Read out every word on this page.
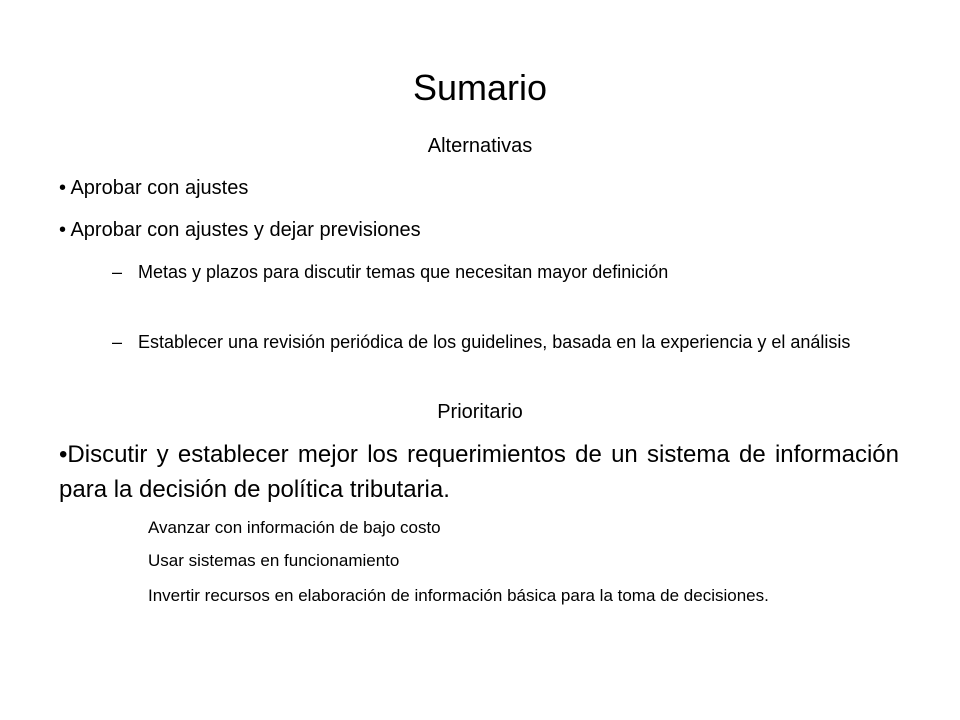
Sumario
Alternativas
• Aprobar con ajustes
• Aprobar con ajustes y dejar previsiones
– Metas y plazos para discutir temas que necesitan mayor definición
– Establecer una revisión periódica de los guidelines, basada en la experiencia y el análisis
Prioritario
•Discutir y establecer mejor los requerimientos de un sistema de información para la decisión de política tributaria.
Avanzar con información de bajo costo
Usar sistemas en funcionamiento
Invertir recursos en elaboración de información básica para la toma de decisiones.
